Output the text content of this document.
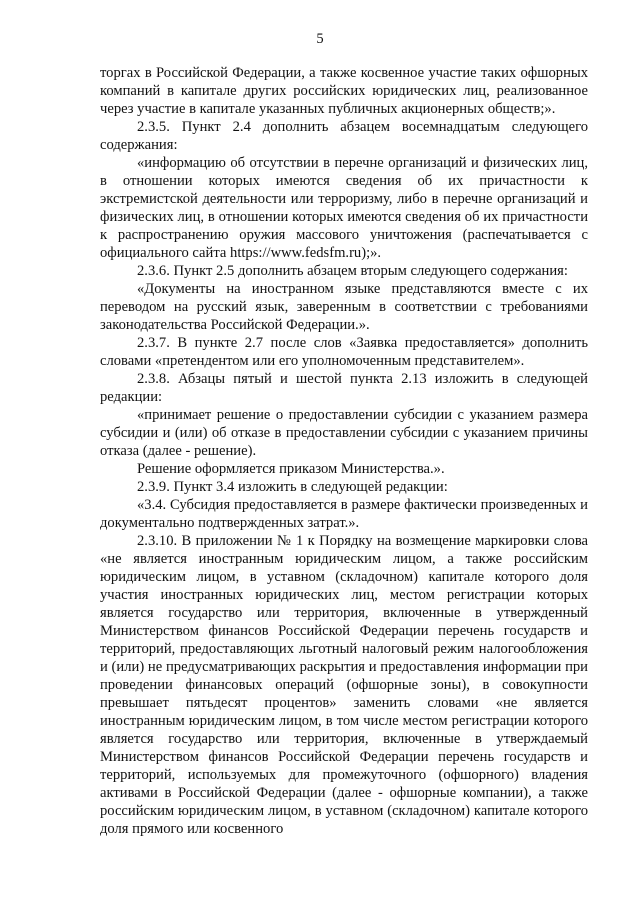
5

торгах в Российской Федерации, а также косвенное участие таких офшорных компаний в капитале других российских юридических лиц, реализованное через участие в капитале указанных публичных акционерных обществ;».

2.3.5. Пункт 2.4 дополнить абзацем восемнадцатым следующего содержания:

«информацию об отсутствии в перечне организаций и физических лиц, в отношении которых имеются сведения об их причастности к экстремистской деятельности или терроризму, либо в перечне организаций и физических лиц, в отношении которых имеются сведения об их причастности к распространению оружия массового уничтожения (распечатывается с официального сайта https://www.fedsfm.ru);».

2.3.6. Пункт 2.5 дополнить абзацем вторым следующего содержания:

«Документы на иностранном языке представляются вместе с их переводом на русский язык, заверенным в соответствии с требованиями законодательства Российской Федерации.».

2.3.7. В пункте 2.7 после слов «Заявка предоставляется» дополнить словами «претендентом или его уполномоченным представителем».

2.3.8. Абзацы пятый и шестой пункта 2.13 изложить в следующей редакции:

«принимает решение о предоставлении субсидии с указанием размера субсидии и (или) об отказе в предоставлении субсидии с указанием причины отказа (далее - решение).

Решение оформляется приказом Министерства.».

2.3.9. Пункт 3.4 изложить в следующей редакции:

«3.4. Субсидия предоставляется в размере фактически произведенных и документально подтвержденных затрат.».

2.3.10. В приложении № 1 к Порядку на возмещение маркировки слова «не является иностранным юридическим лицом, а также российским юридическим лицом, в уставном (складочном) капитале которого доля участия иностранных юридических лиц, местом регистрации которых является государство или территория, включенные в утвержденный Министерством финансов Российской Федерации перечень государств и территорий, предоставляющих льготный налоговый режим налогообложения и (или) не предусматривающих раскрытия и предоставления информации при проведении финансовых операций (офшорные зоны), в совокупности превышает пятьдесят процентов» заменить словами «не является иностранным юридическим лицом, в том числе местом регистрации которого является государство или территория, включенные в утверждаемый Министерством финансов Российской Федерации перечень государств и территорий, используемых для промежуточного (офшорного) владения активами в Российской Федерации (далее - офшорные компании), а также российским юридическим лицом, в уставном (складочном) капитале которого доля прямого или косвенного
